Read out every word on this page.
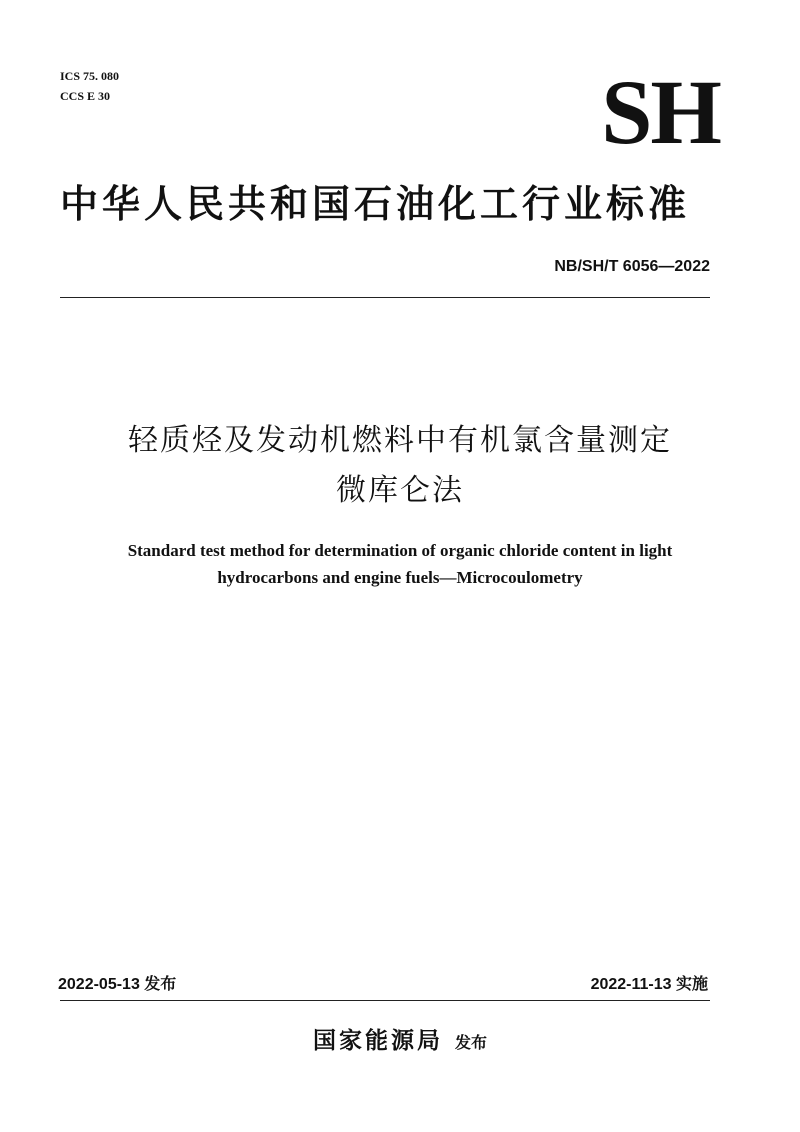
ICS 75. 080
CCS E 30	SH
中华人民共和国石油化工行业标准
NB/SH/T 6056—2022
轻质烃及发动机燃料中有机氯含量测定
微库仑法
Standard test method for determination of organic chloride content in light
hydrocarbons and engine fuels—Microcoulometry
2022-05-13 发布	2022-11-13 实施
国家能源局 发布
